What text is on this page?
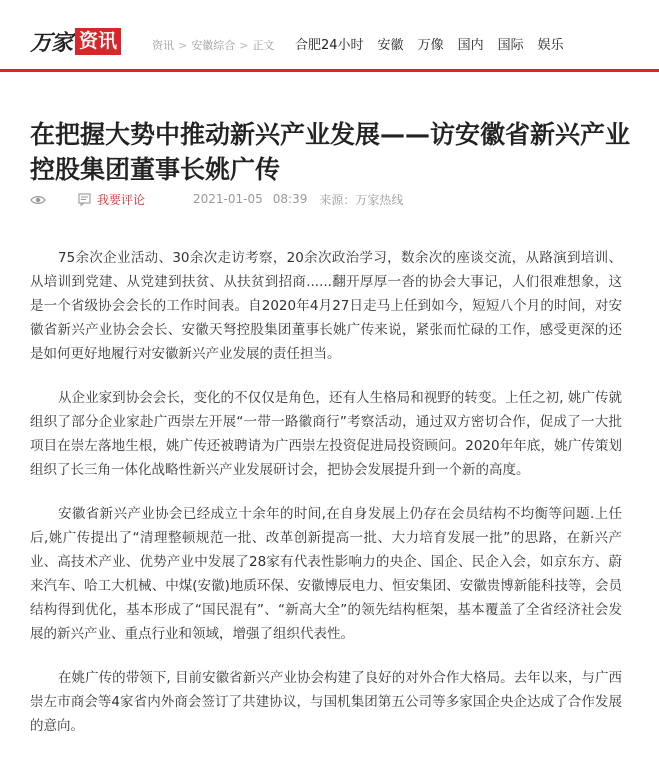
万家 资讯	资讯 > 安徽综合 > 正文 合肥24小时 安徽 万像 国内 国际 娱乐
在把握大势中推动新兴产业发展——访安徽省新兴产业
控股集团董事长姚广传
我要评论	2021-01-05 08:39 来源：万家热线

75余次企业活动、30余次走访考察，20余次政治学习，数余次的座谈交流，从路演到培训、从培训到党建、从党建到扶贫、从扶贫到招商......翻开厚厚一沓的协会大事记，人们很难想象，这是一个省级协会会长的工作时间表。自2020年4月27日走马上任到如今，短短八个月的时间，对安徽省新兴产业协会会长、安徽天弩控股集团董事长姚广传来说，紧张而忙碌的工作，感受更深的还是如何更好地履行对安徽新兴产业发展的责任担当。

从企业家到协会会长，变化的不仅仅是角色，还有人生格局和视野的转变。上任之初, 姚广传就组织了部分企业家赴广西崇左开展“一带一路徽商行”考察活动，通过双方密切合作，促成了一大批项目在崇左落地生根，姚广传还被聘请为广西崇左投资促进局投资顾问。2020年年底，姚广传策划组织了长三角一体化战略性新兴产业发展研讨会，把协会发展提升到一个新的高度。

安徽省新兴产业协会已经成立十余年的时间,在自身发展上仍存在会员结构不均衡等问题.上任后,姚广传提出了“清理整顿规范一批、改革创新提高一批、大力培育发展一批”的思路，在新兴产业、高技术产业、优势产业中发展了28家有代表性影响力的央企、国企、民企入会，如京东方、蔚来汽车、哈工大机械、中煤(安徽)地质环保、安徽博辰电力、恒安集团、安徽贵博新能科技等，会员结构得到优化，基本形成了“国民混有”、“新高大全”的领先结构框架，基本覆盖了全省经济社会发展的新兴产业、重点行业和领域，增强了组织代表性。

在姚广传的带领下, 目前安徽省新兴产业协会构建了良好的对外合作大格局。去年以来，与广西崇左市商会等4家省内外商会签订了共建协议，与国机集团第五公司等多家国企央企达成了合作发展的意向。
